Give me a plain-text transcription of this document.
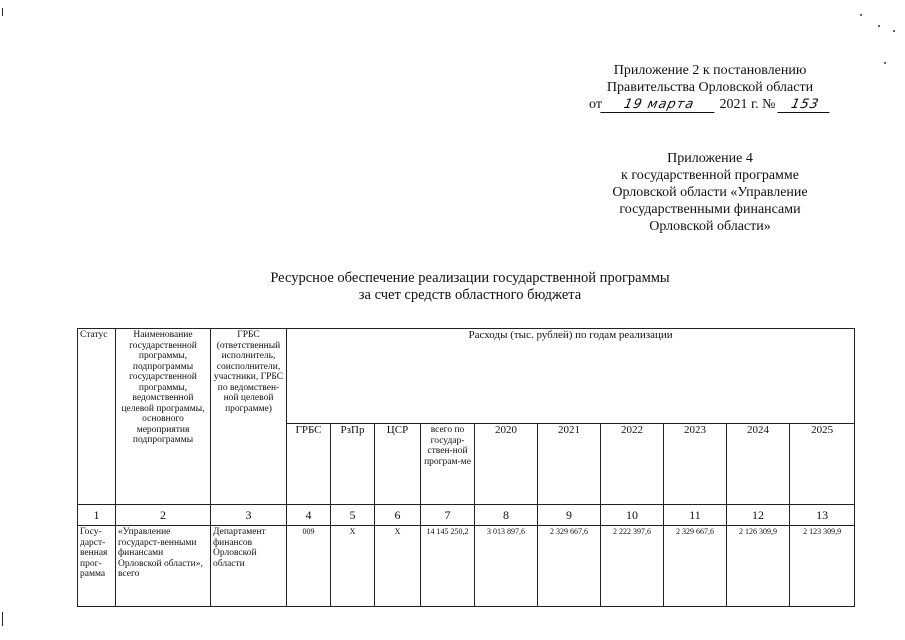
Приложение 2 к постановлению
Правительства Орловской области
от 19 марта 2021 г. № 153
Приложение 4
к государственной программе
Орловской области «Управление
государственными финансами
Орловской области»
Ресурсное обеспечение реализации государственной программы
за счет средств областного бюджета
Статус	Наименование государственной программы, подпрограммы государственной программы, ведомственной целевой программы, основного мероприятия подпрограммы	ГРБС (ответственный исполнитель, соисполнители, участники, ГРБС по ведомствен-ной целевой программе)	Расходы (тыс. рублей) по годам реализации									
			ГРБС	РзПр	ЦСР	всего по государ-ствен-ной програм-ме	2020	2021	2022	2023	2024	2025
1	2	3	4	5	6	7	8	9	10	11	12	13
Госу-дарст-венная прог-рамма	«Управление государст-венными финансами Орловской области», всего	Департамент финансов Орловской области	009	Х	Х	14 145 250,2	3 013 897,6	2 329 667,6	2 222 397,6	2 329 667,6	2 126 309,9	2 123 309,9
